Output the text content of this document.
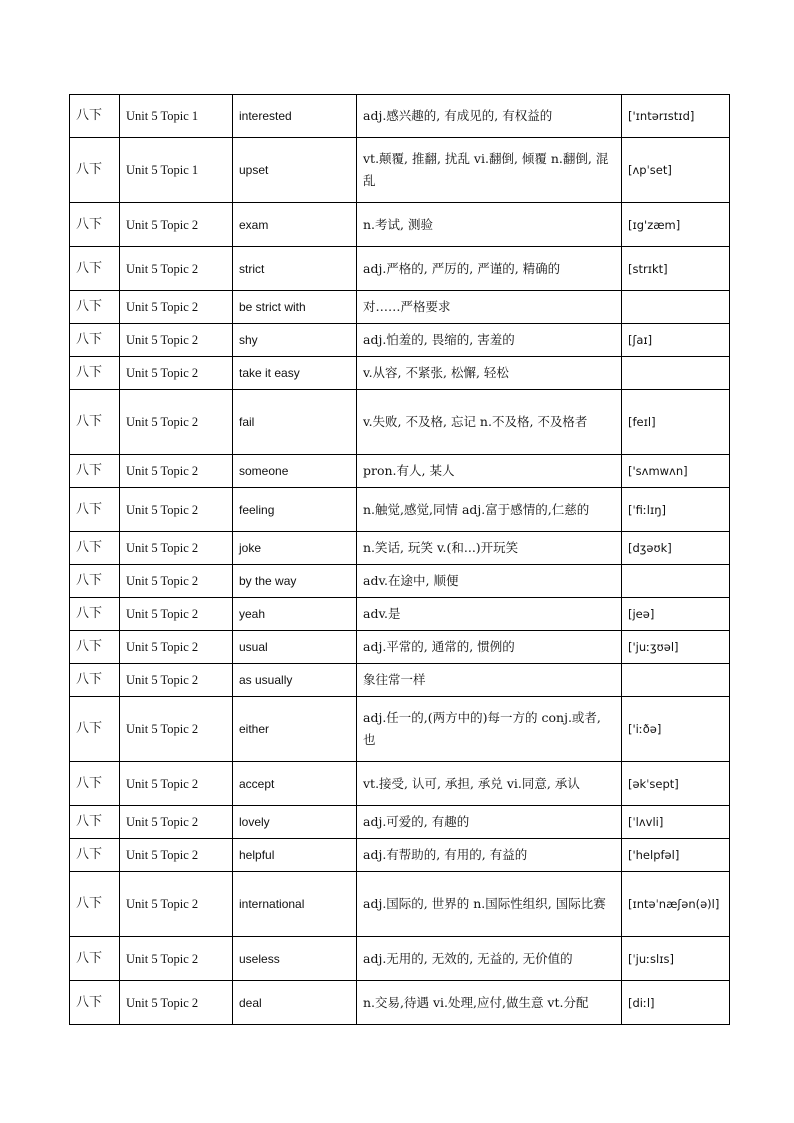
八下	Unit 5 Topic 1	interested	adj.感兴趣的, 有成见的, 有权益的	['ɪntərɪstɪd]
八下	Unit 5 Topic 1	upset	vt.颠覆, 推翻, 扰乱 vi.翻倒, 倾覆 n.翻倒, 混乱	[ʌpˈset]
八下	Unit 5 Topic 2	exam	n.考试, 测验	[ɪg'zæm]
八下	Unit 5 Topic 2	strict	adj.严格的, 严厉的, 严谨的, 精确的	[strɪkt]
八下	Unit 5 Topic 2	be strict with	对……严格要求	
八下	Unit 5 Topic 2	shy	adj.怕羞的, 畏缩的, 害羞的	[ʃaɪ]
八下	Unit 5 Topic 2	take it easy	v.从容, 不紧张, 松懈, 轻松	
八下	Unit 5 Topic 2	fail	v.失败, 不及格, 忘记 n.不及格, 不及格者	[feɪl]
八下	Unit 5 Topic 2	someone	pron.有人, 某人	['sʌmwʌn]
八下	Unit 5 Topic 2	feeling	n.触觉,感觉,同情 adj.富于感情的,仁慈的	[ˈfiːlɪŋ]
八下	Unit 5 Topic 2	joke	n.笑话, 玩笑 v.(和...)开玩笑	[dʒəʊk]
八下	Unit 5 Topic 2	by the way	adv.在途中, 顺便	
八下	Unit 5 Topic 2	yeah	adv.是	[jeə]
八下	Unit 5 Topic 2	usual	adj.平常的, 通常的, 惯例的	['juːʒʊəl]
八下	Unit 5 Topic 2	as usually	象往常一样	
八下	Unit 5 Topic 2	either	adj.任一的,(两方中的)每一方的 conj.或者, 也	['iːðə]
八下	Unit 5 Topic 2	accept	vt.接受, 认可, 承担, 承兑 vi.同意, 承认	[əkˈsept]
八下	Unit 5 Topic 2	lovely	adj.可爱的, 有趣的	[ˈlʌvli]
八下	Unit 5 Topic 2	helpful	adj.有帮助的, 有用的, 有益的	['helpfəl]
八下	Unit 5 Topic 2	international	adj.国际的, 世界的 n.国际性组织, 国际比赛	[ɪntəˈnæʃən(ə)l]
八下	Unit 5 Topic 2	useless	adj.无用的, 无效的, 无益的, 无价值的	[ˈjuːslɪs]
八下	Unit 5 Topic 2	deal	n.交易,待遇 vi.处理,应付,做生意 vt.分配	[diːl]
